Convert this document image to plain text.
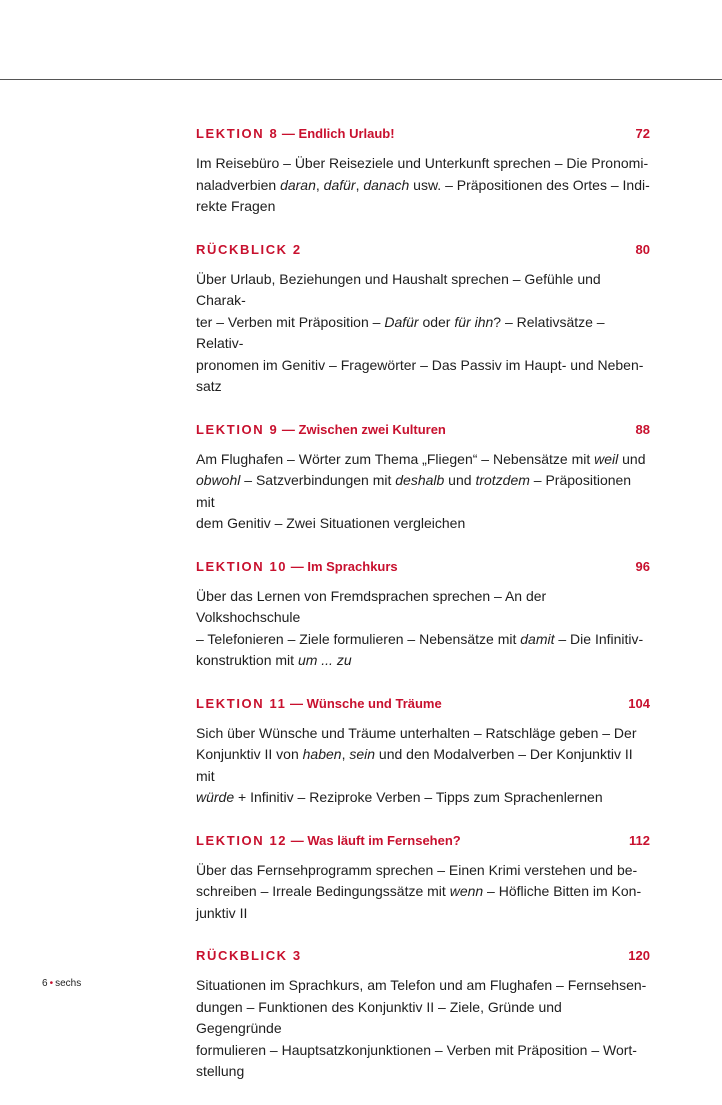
LEKTION 8 — Endlich Urlaub!	72
Im Reisebüro – Über Reiseziele und Unterkunft sprechen – Die Pronomi-
naladverbien daran, dafür, danach usw. – Präpositionen des Ortes – Indi-
rekte Fragen
RÜCKBLICK 2	80
Über Urlaub, Beziehungen und Haushalt sprechen – Gefühle und Charak-
ter – Verben mit Präposition – Dafür oder für ihn? – Relativsätze – Relativ-
pronomen im Genitiv – Fragewörter – Das Passiv im Haupt- und Neben-
satz
LEKTION 9 — Zwischen zwei Kulturen	88
Am Flughafen – Wörter zum Thema „Fliegen“ – Nebensätze mit weil und
obwohl – Satzverbindungen mit deshalb und trotzdem – Präpositionen mit
dem Genitiv – Zwei Situationen vergleichen
LEKTION 10 — Im Sprachkurs	96
Über das Lernen von Fremdsprachen sprechen – An der Volkshochschule
– Telefonieren – Ziele formulieren – Nebensätze mit damit – Die Infinitiv-
konstruktion mit um ... zu
LEKTION 11 — Wünsche und Träume	104
Sich über Wünsche und Träume unterhalten – Ratschläge geben – Der
Konjunktiv II von haben, sein und den Modalverben – Der Konjunktiv II mit
würde + Infinitiv – Reziproke Verben – Tipps zum Sprachenlernen
LEKTION 12 — Was läuft im Fernsehen?	112
Über das Fernsehprogramm sprechen – Einen Krimi verstehen und be-
schreiben – Irreale Bedingungssätze mit wenn – Höfliche Bitten im Kon-
junktiv II
RÜCKBLICK 3	120
Situationen im Sprachkurs, am Telefon und am Flughafen – Fernsehsen-
dungen – Funktionen des Konjunktiv II – Ziele, Gründe und Gegengründe
formulieren – Hauptsatzkonjunktionen – Verben mit Präposition – Wort-
stellung
6 • sechs
